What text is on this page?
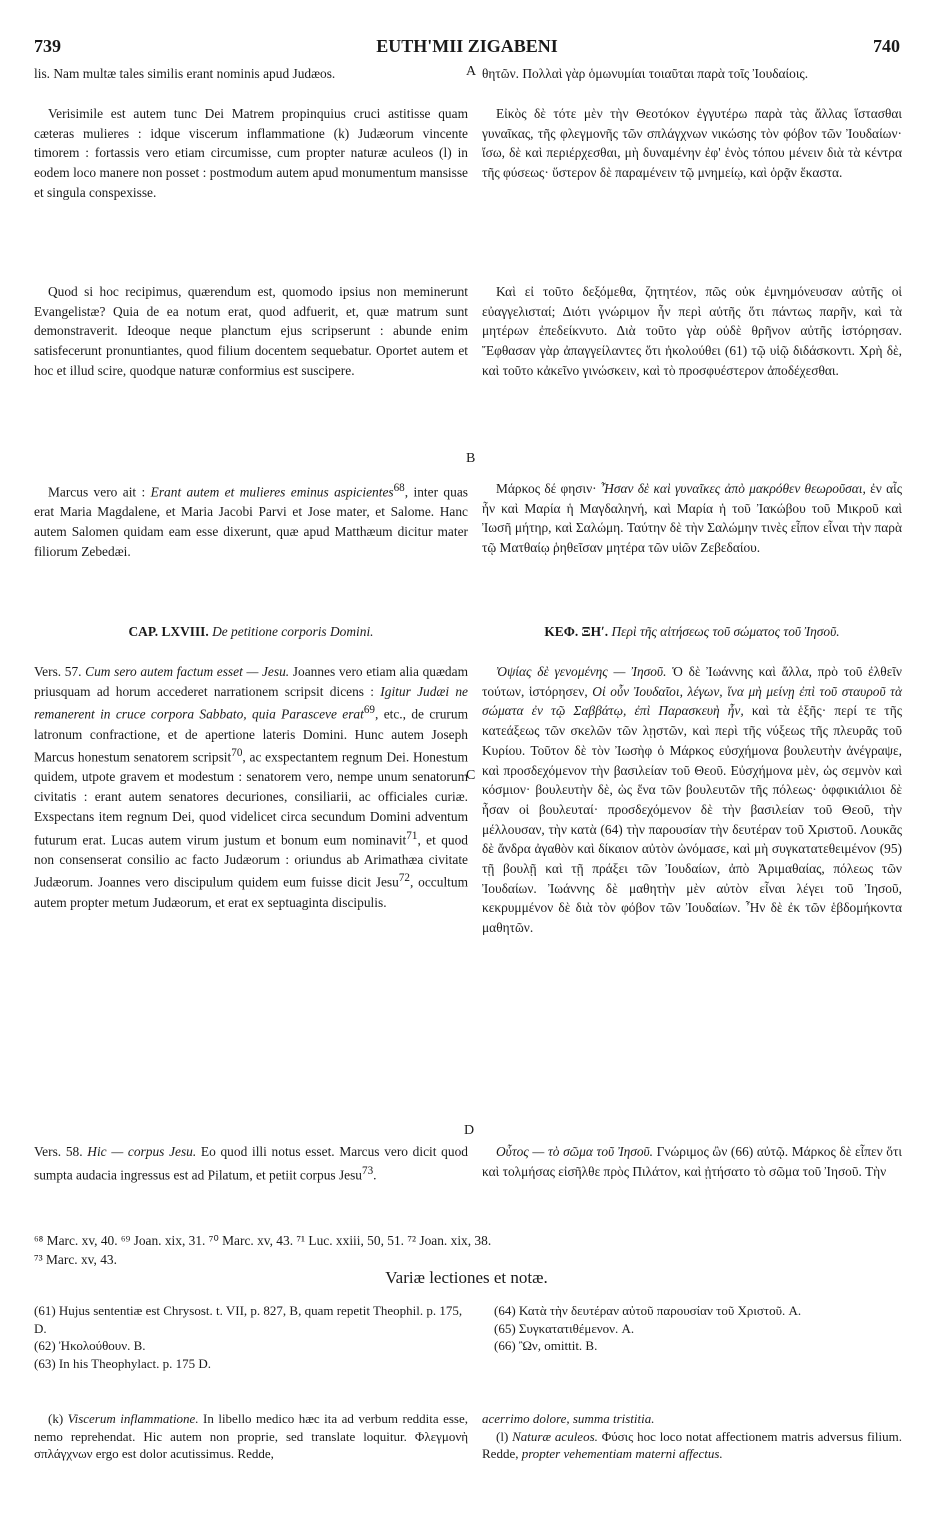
739	EUTH'MII ZIGABENI	740
A
B
C
D

lis. Nam multæ tales similis erant nominis apud Judæos.

Verisimile est autem tunc Dei Matrem propinquius cruci astitisse quam cæteras mulieres : idque viscerum inflammatione (k) Judæorum vincente timorem : fortassis vero etiam circumisse, cum propter naturæ aculeos (l) in eodem loco manere non posset : postmodum autem apud monumentum mansisse et singula conspexisse.

Quod si hoc recipimus, quærendum est, quomodo ipsius non meminerunt Evangelistæ? Quia de ea notum erat, quod adfuerit, et, quæ matrum sunt demonstraverit. Ideoque neque planctum ejus scripserunt : abunde enim satisfecerunt pronuntiantes, quod filium docentem sequebatur. Oportet autem et hoc et illud scire, quodque naturæ conformius est suscipere.

Marcus vero ait : Erant autem et mulieres eminus aspicientes$^{68}$, inter quas erat Maria Magdalene, et Maria Jacobi Parvi et Jose mater, et Salome. Hanc autem Salomen quidam eam esse dixerunt, quæ apud Matthæum dicitur mater filiorum Zebedæi.

CAP. LXVIII. De petitione corporis Domini.

Vers. 57. Cum sero autem factum esset — Jesu. Joannes vero etiam alia quædam priusquam ad horum accederet narrationem scripsit dicens : Igitur Judæi ne remanerent in cruce corpora Sabbato, quia Parasceve erat$^{69}$, etc., de crurum latronum confractione, et de apertione lateris Domini. Hunc autem Joseph Marcus honestum senatorem scripsit$^{70}$, ac exspectantem regnum Dei. Honestum quidem, utpote gravem et modestum : senatorem vero, nempe unum senatorum civitatis : erant autem senatores decuriones, consiliarii, ac officiales curiæ. Exspectans item regnum Dei, quod videlicet circa secundum Domini adventum futurum erat. Lucas autem virum justum et bonum eum nominavit$^{71}$, et quod non consenserat consilio ac facto Judæorum : oriundus ab Arimathæa civitate Judæorum. Joannes vero discipulum quidem eum fuisse dicit Jesu$^{72}$, occultum autem propter metum Judæorum, et erat ex septuaginta discipulis.

Vers. 58. Hic — corpus Jesu. Eo quod illi notus esset. Marcus vero dicit quod sumpta audacia ingressus est ad Pilatum, et petiit corpus Jesu$^{73}$.

θητῶν. Πολλαὶ γὰρ ὁμωνυμίαι τοιαῦται παρὰ τοῖς Ἰουδαίοις.

Εἰκὸς δὲ τότε μὲν τὴν Θεοτόκον ἐγγυτέρω παρὰ τὰς ἄλλας ἵστασθαι γυναῖκας, τῆς φλεγμονῆς τῶν σπλάγχνων νικώσης τὸν φόβον τῶν Ἰουδαίων· ἴσω, δὲ καὶ περιέρχεσθαι, μὴ δυναμένην ἐφ' ἑνὸς τόπου μένειν διὰ τὰ κέντρα τῆς φύσεως· ὕστερον δὲ παραμένειν τῷ μνημείῳ, καὶ ὁρᾷν ἕκαστα.

Καὶ εἰ τοῦτο δεξόμεθα, ζητητέον, πῶς οὐκ ἐμνημόνευσαν αὐτῆς οἱ εὐαγγελισταί; Διότι γνώριμον ἦν περὶ αὐτῆς ὅτι πάντως παρῆν, καὶ τὰ μητέρων ἐπεδείκνυτο. Διὰ τοῦτο γὰρ οὐδὲ θρῆνον αὐτῆς ἱστόρησαν. Ἔφθασαν γὰρ ἀπαγγείλαντες ὅτι ἠκολούθει (61) τῷ υἱῷ διδάσκοντι. Χρὴ δὲ, καὶ τοῦτο κἀκεῖνο γινώσκειν, καὶ τὸ προσφυέστερον ἀποδέχεσθαι.

Μάρκος δέ φησιν· Ἦσαν δὲ καὶ γυναῖκες ἀπὸ μακρόθεν θεωροῦσαι, ἐν αἷς ἦν καὶ Μαρία ἡ Μαγδαληνή, καὶ Μαρία ἡ τοῦ Ἰακώβου τοῦ Μικροῦ καὶ Ἰωσῆ μήτηρ, καὶ Σαλώμη. Ταύτην δὲ τὴν Σαλώμην τινὲς εἶπον εἶναι τὴν παρὰ τῷ Ματθαίῳ ῥηθεῖσαν μητέρα τῶν υἱῶν Ζεβεδαίου.

ΚΕΦ. ΞΗʹ. Περὶ τῆς αἰτήσεως τοῦ σώματος τοῦ Ἰησοῦ.

Ὀψίας δὲ γενομένης — Ἰησοῦ. Ὁ δὲ Ἰωάννης καὶ ἄλλα, πρὸ τοῦ ἐλθεῖν τούτων, ἱστόρησεν, Οἱ οὖν Ἰουδαῖοι, λέγων, ἵνα μὴ μείνῃ ἐπὶ τοῦ σταυροῦ τὰ σώματα ἐν τῷ Σαββάτῳ, ἐπὶ Παρασκευὴ ἦν, καὶ τὰ ἑξῆς· περί τε τῆς κατεάξεως τῶν σκελῶν τῶν λῃστῶν, καὶ περὶ τῆς νύξεως τῆς πλευρᾶς τοῦ Κυρίου. Τοῦτον δὲ τὸν Ἰωσὴφ ὁ Μάρκος εὐσχήμονα βουλευτὴν ἀνέγραψε, καὶ προσδεχόμενον τὴν βασιλείαν τοῦ Θεοῦ. Εὐσχήμονα μὲν, ὡς σεμνὸν καὶ κόσμιον· βουλευτὴν δὲ, ὡς ἕνα τῶν βουλευτῶν τῆς πόλεως· ὀφφικιάλιοι δὲ ἦσαν οἱ βουλευταί· προσδεχόμενον δὲ τὴν βασιλείαν τοῦ Θεοῦ, τὴν μέλλουσαν, τὴν κατὰ (64) τὴν παρουσίαν τὴν δευτέραν τοῦ Χριστοῦ. Λουκᾶς δὲ ἄνδρα ἀγαθὸν καὶ δίκαιον αὐτὸν ὠνόμασε, καὶ μὴ συγκατατεθειμένον (95) τῇ βουλῇ καὶ τῇ πράξει τῶν Ἰουδαίων, ἀπὸ Ἀριμαθαίας, πόλεως τῶν Ἰουδαίων. Ἰωάννης δὲ μαθητὴν μὲν αὐτὸν εἶναι λέγει τοῦ Ἰησοῦ, κεκρυμμένον δὲ διὰ τὸν φόβον τῶν Ἰουδαίων. Ἦν δὲ ἐκ τῶν ἑβδομήκοντα μαθητῶν.

Οὗτος — τὸ σῶμα τοῦ Ἰησοῦ. Γνώριμος ὢν (66) αὐτῷ. Μάρκος δὲ εἶπεν ὅτι καὶ τολμήσας εἰσῆλθε πρὸς Πιλάτον, καὶ ᾐτήσατο τὸ σῶμα τοῦ Ἰησοῦ. Τὴν

⁶⁸ Marc. xv, 40. ⁶⁹ Joan. xix, 31. ⁷⁰ Marc. xv, 43. ⁷¹ Luc. xxiii, 50, 51. ⁷² Joan. xix, 38.

⁷³ Marc. xv, 43.

Variæ lectiones et notæ.

(61) Hujus sententiæ est Chrysost. t. VII, p. 827, B, quam repetit Theophil. p. 175, D.

(62) Ἠκολούθουν. B.

(63) In his Theophylact. p. 175 D.

(64) Κατὰ τὴν δευτέραν αὐτοῦ παρουσίαν τοῦ Χριστοῦ. A.

(65) Συγκατατιθέμενον. A.

(66) Ὢν, omittit. B.

(k) Viscerum inflammatione. In libello medico hæc ita ad verbum reddita esse, nemo reprehendat. Hic autem non proprie, sed translate loquitur. Φλεγμονὴ σπλάγχνων ergo est dolor acutissimus. Redde,

acerrimo dolore, summa tristitia.

(l) Naturæ aculeos. Φύσις hoc loco notat affectionem matris adversus filium. Redde, propter vehementiam materni affectus.
